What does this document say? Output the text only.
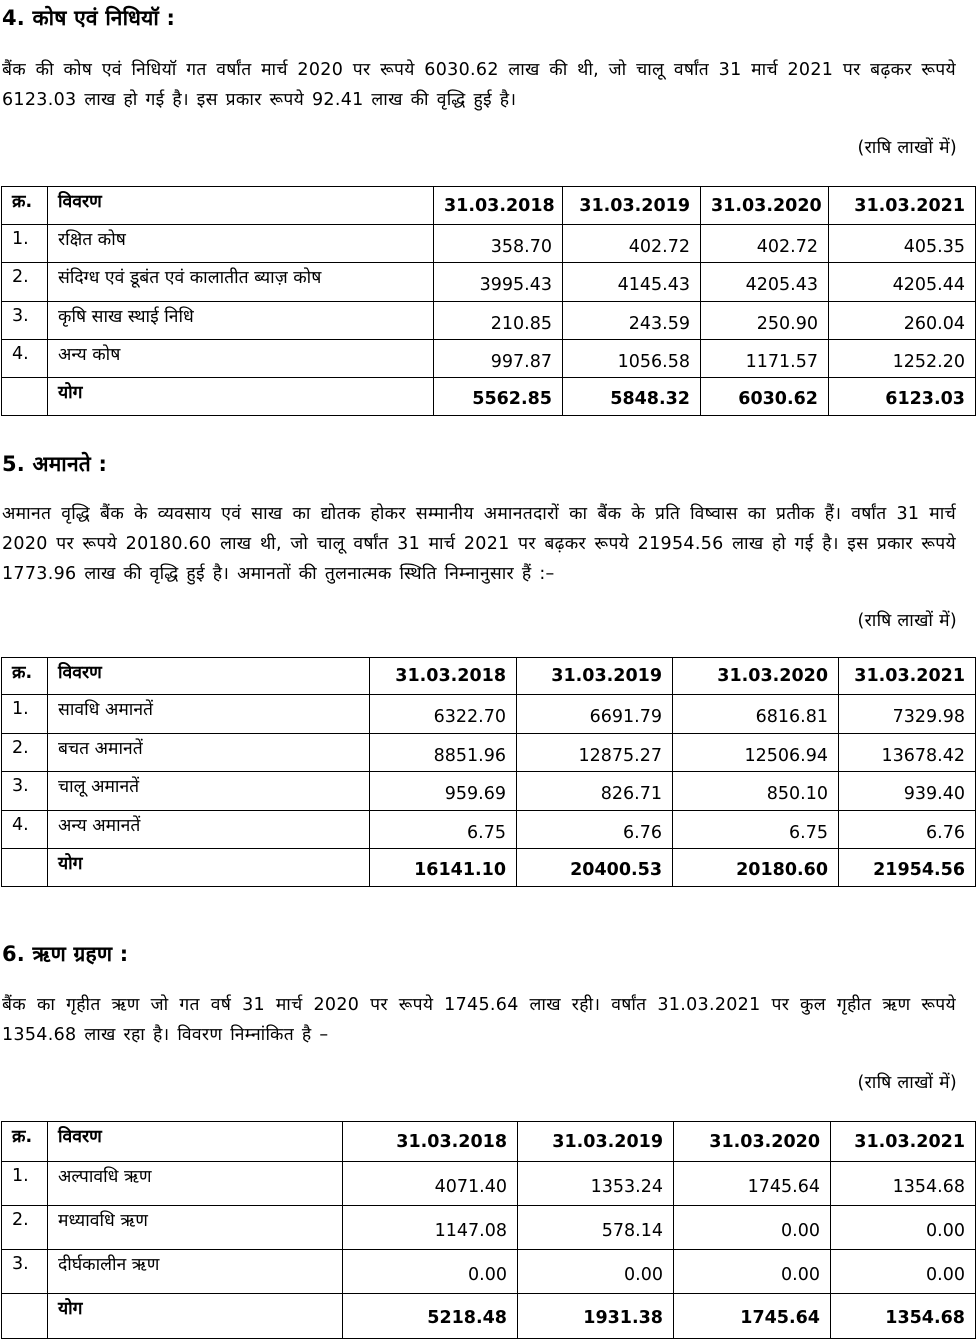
4. कोष एवं निधियॉ :
बैंक की कोष एवं निधियॉ गत वर्षांत मार्च 2020 पर रूपये 6030.62 लाख की थी, जो चालू वर्षांत 31 मार्च 2021 पर बढ़कर रूपये 6123.03 लाख हो गई है। इस प्रकार रूपये 92.41 लाख की वृद्धि हुई है।
(राषि लाखों में)
क्र.	विवरण	31.03.2018	31.03.2019	31.03.2020	31.03.2021
1.	रक्षित कोष	358.70	402.72	402.72	405.35
2.	संदिग्ध एवं डूबंत एवं कालातीत ब्याज़ कोष	3995.43	4145.43	4205.43	4205.44
3.	कृषि साख स्थाई निधि	210.85	243.59	250.90	260.04
4.	अन्य कोष	997.87	1056.58	1171.57	1252.20
	योग	5562.85	5848.32	6030.62	6123.03
5. अमानते :
अमानत वृद्धि बैंक के व्यवसाय एवं साख का द्योतक होकर सम्मानीय अमानतदारों का बैंक के प्रति विष्वास का प्रतीक हैं। वर्षांत 31 मार्च 2020 पर रूपये 20180.60 लाख थी, जो चालू वर्षांत 31 मार्च 2021 पर बढ़कर रूपये 21954.56 लाख हो गई है। इस प्रकार रूपये 1773.96 लाख की वृद्धि हुई है। अमानतों की तुलनात्मक स्थिति निम्नानुसार हैं :–
(राषि लाखों में)
क्र.	विवरण	31.03.2018	31.03.2019	31.03.2020	31.03.2021
1.	सावधि अमानतें	6322.70	6691.79	6816.81	7329.98
2.	बचत अमानतें	8851.96	12875.27	12506.94	13678.42
3.	चालू अमानतें	959.69	826.71	850.10	939.40
4.	अन्य अमानतें	6.75	6.76	6.75	6.76
	योग	16141.10	20400.53	20180.60	21954.56
6. ऋण ग्रहण :
बैंक का गृहीत ऋण जो गत वर्ष 31 मार्च 2020 पर रूपये 1745.64 लाख रही। वर्षांत 31.03.2021 पर कुल गृहीत ऋण रूपये 1354.68 लाख रहा है। विवरण निम्नांकित है –
(राषि लाखों में)
क्र.	विवरण	31.03.2018	31.03.2019	31.03.2020	31.03.2021
1.	अल्पावधि ऋण	4071.40	1353.24	1745.64	1354.68
2.	मध्यावधि ऋण	1147.08	578.14	0.00	0.00
3.	दीर्घकालीन ऋण	0.00	0.00	0.00	0.00
	योग	5218.48	1931.38	1745.64	1354.68
